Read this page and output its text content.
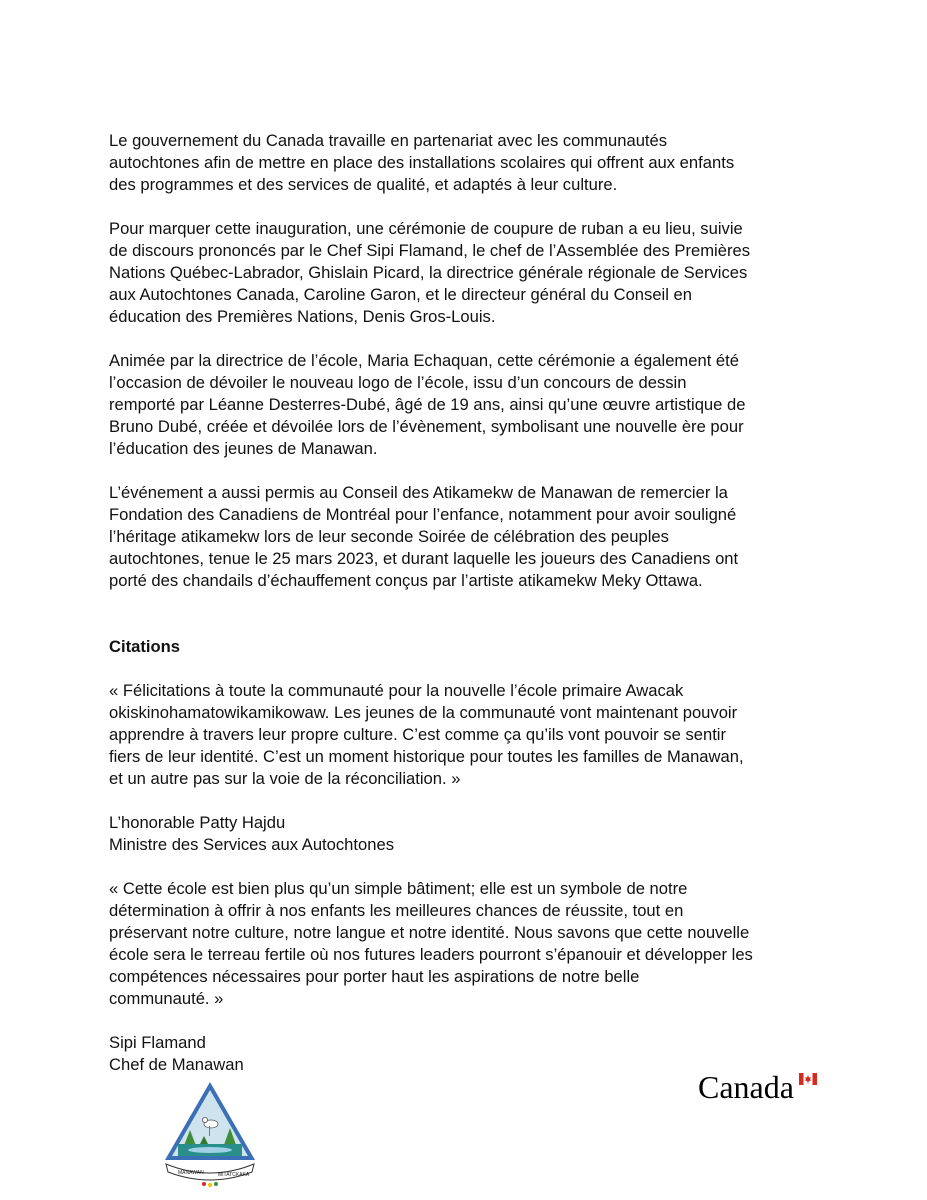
Le gouvernement du Canada travaille en partenariat avec les communautés
autochtones afin de mettre en place des installations scolaires qui offrent aux enfants
des programmes et des services de qualité, et adaptés à leur culture.

Pour marquer cette inauguration, une cérémonie de coupure de ruban a eu lieu, suivie
de discours prononcés par le Chef Sipi Flamand, le chef de l’Assemblée des Premières
Nations Québec-Labrador, Ghislain Picard, la directrice générale régionale de Services
aux Autochtones Canada, Caroline Garon, et le directeur général du Conseil en
éducation des Premières Nations, Denis Gros-Louis.

Animée par la directrice de l’école, Maria Echaquan, cette cérémonie a également été
l’occasion de dévoiler le nouveau logo de l’école, issu d’un concours de dessin
remporté par Léanne Desterres-Dubé, âgé de 19 ans, ainsi qu’une œuvre artistique de
Bruno Dubé, créée et dévoilée lors de l’évènement, symbolisant une nouvelle ère pour
l’éducation des jeunes de Manawan.

L’événement a aussi permis au Conseil des Atikamekw de Manawan de remercier la
Fondation des Canadiens de Montréal pour l’enfance, notamment pour avoir souligné
l’héritage atikamekw lors de leur seconde Soirée de célébration des peuples
autochtones, tenue le 25 mars 2023, et durant laquelle les joueurs des Canadiens ont
porté des chandails d’échauffement conçus par l’artiste atikamekw Meky Ottawa.

Citations

« Félicitations à toute la communauté pour la nouvelle l’école primaire Awacak
okiskinohamatowikamikowaw. Les jeunes de la communauté vont maintenant pouvoir
apprendre à travers leur propre culture. C’est comme ça qu’ils vont pouvoir se sentir
fiers de leur identité. C’est un moment historique pour toutes les familles de Manawan,
et un autre pas sur la voie de la réconciliation. »

L’honorable Patty Hajdu
Ministre des Services aux Autochtones

« Cette école est bien plus qu’un simple bâtiment; elle est un symbole de notre
détermination à offrir à nos enfants les meilleures chances de réussite, tout en
préservant notre culture, notre langue et notre identité. Nous savons que cette nouvelle
école sera le terreau fertile où nos futures leaders pourront s’épanouir et développer les
compétences nécessaires pour porter haut les aspirations de notre belle
communauté. »

Sipi Flamand
Chef de Manawan

MANAWAN	MITATCKAKA
Canada
